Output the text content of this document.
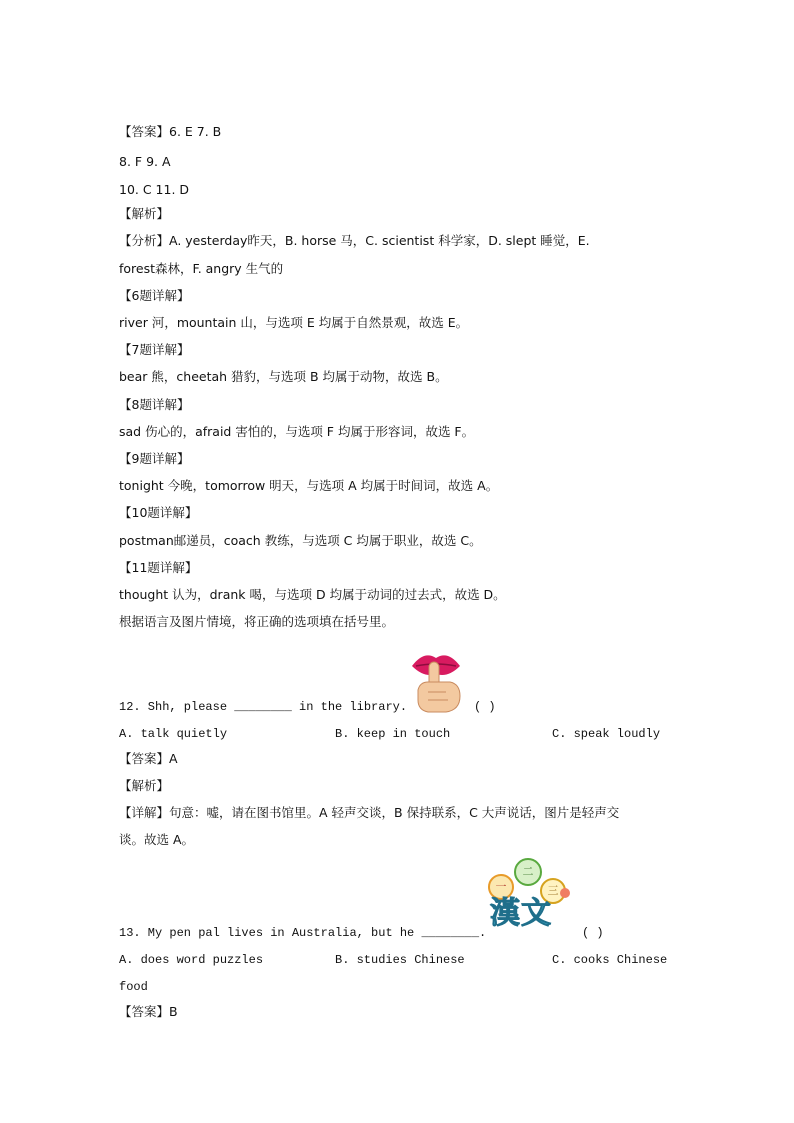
【答案】6. E 7. B
8. F 9. A
10. C 11. D
【解析】
【分析】A. yesterday昨天，B. horse 马，C. scientist 科学家，D. slept 睡觉，E.
forest森林，F. angry 生气的
【6题详解】
river 河，mountain 山，与选项 E 均属于自然景观，故选 E。
【7题详解】
bear 熊，cheetah 猎豹，与选项 B 均属于动物，故选 B。
【8题详解】
sad 伤心的，afraid 害怕的，与选项 F 均属于形容词，故选 F。
【9题详解】
tonight 今晚，tomorrow 明天，与选项 A 均属于时间词，故选 A。
【10题详解】
postman邮递员，coach 教练，与选项 C 均属于职业，故选 C。
【11题详解】
thought 认为，drank 喝，与选项 D 均属于动词的过去式，故选 D。
根据语言及图片情境，将正确的选项填在括号里。
12. Shh, please ________ in the library.	( )
A. talk quietly	B. keep in touch	C. speak loudly
【答案】A
【解析】
【详解】句意：嘘，请在图书馆里。A 轻声交谈，B 保持联系，C 大声说话，图片是轻声交
谈。故选 A。
一
二
三
漢文
13. My pen pal lives in Australia, but he ________.	( )
A. does word puzzles	B. studies Chinese	C. cooks Chinese
food
【答案】B
